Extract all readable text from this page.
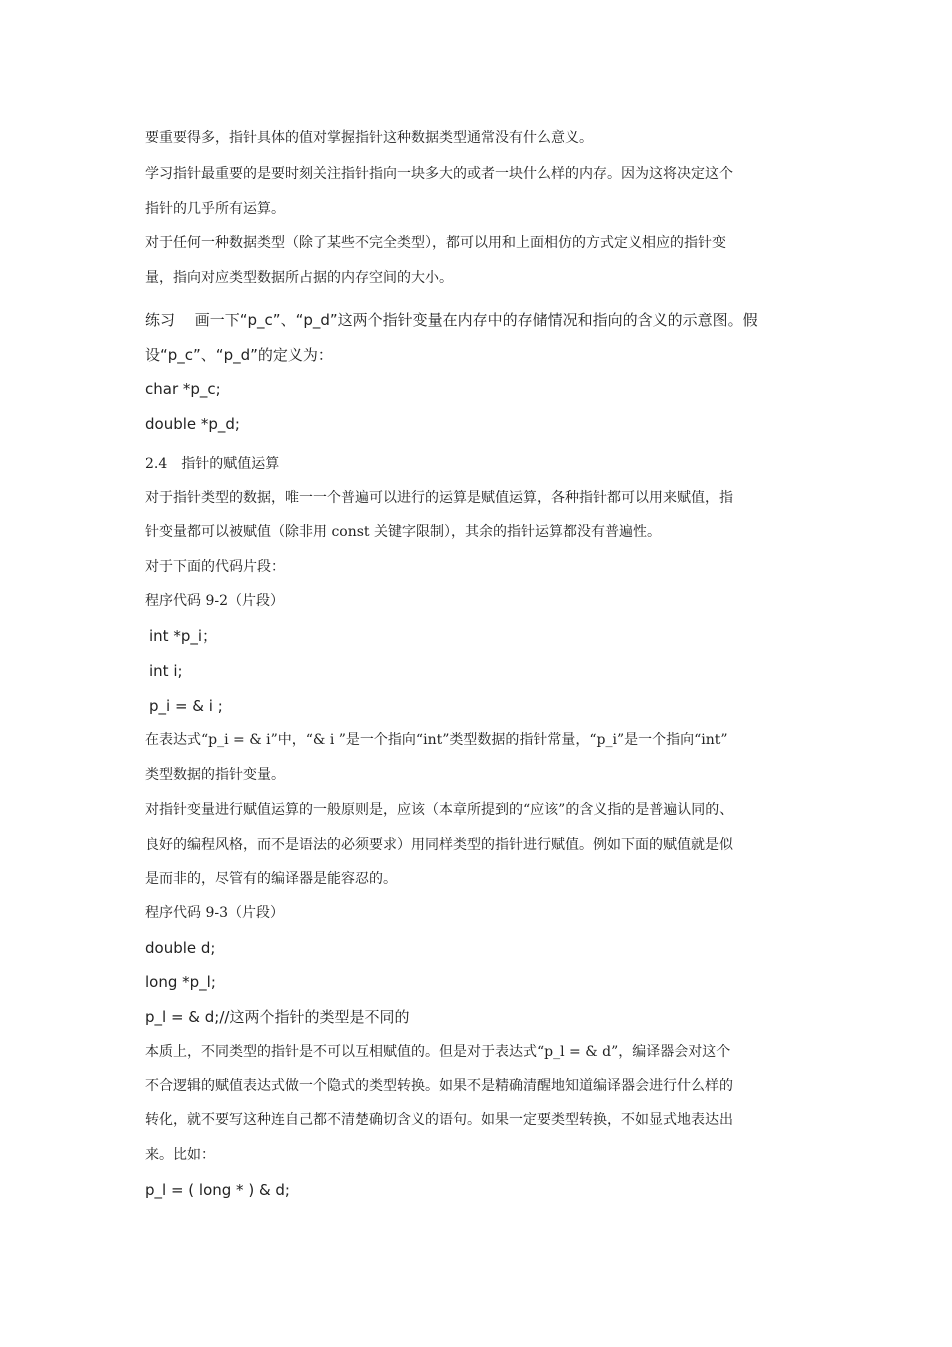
要重要得多，指针具体的值对掌握指针这种数据类型通常没有什么意义。
学习指针最重要的是要时刻关注指针指向一块多大的或者一块什么样的内存。因为这将决定这个
指针的几乎所有运算。
对于任何一种数据类型（除了某些不完全类型），都可以用和上面相仿的方式定义相应的指针变
量，指向对应类型数据所占据的内存空间的大小。
练习　 画一下“p_c”、“p_d”这两个指针变量在内存中的存储情况和指向的含义的示意图。假
设“p_c”、“p_d”的定义为：
char *p_c;
double *p_d;
2.4　指针的赋值运算
对于指针类型的数据，唯一一个普遍可以进行的运算是赋值运算，各种指针都可以用来赋值，指
针变量都可以被赋值（除非用 const 关键字限制），其余的指针运算都没有普遍性。
对于下面的代码片段：
程序代码 9-2（片段）
int *p_i；
int i;
p_i = & i ;
在表达式“p_i = & i”中，“& i ”是一个指向“int”类型数据的指针常量，“p_i”是一个指向“int”
类型数据的指针变量。
对指针变量进行赋值运算的一般原则是，应该（本章所提到的“应该”的含义指的是普遍认同的、
良好的编程风格，而不是语法的必须要求）用同样类型的指针进行赋值。例如下面的赋值就是似
是而非的，尽管有的编译器是能容忍的。
程序代码 9-3（片段）
double d;
long *p_l;
p_l = & d;//这两个指针的类型是不同的
本质上，不同类型的指针是不可以互相赋值的。但是对于表达式“p_l = & d”，编译器会对这个
不合逻辑的赋值表达式做一个隐式的类型转换。如果不是精确清醒地知道编译器会进行什么样的
转化，就不要写这种连自己都不清楚确切含义的语句。如果一定要类型转换，不如显式地表达出
来。比如：
p_l = ( long * ) & d;
